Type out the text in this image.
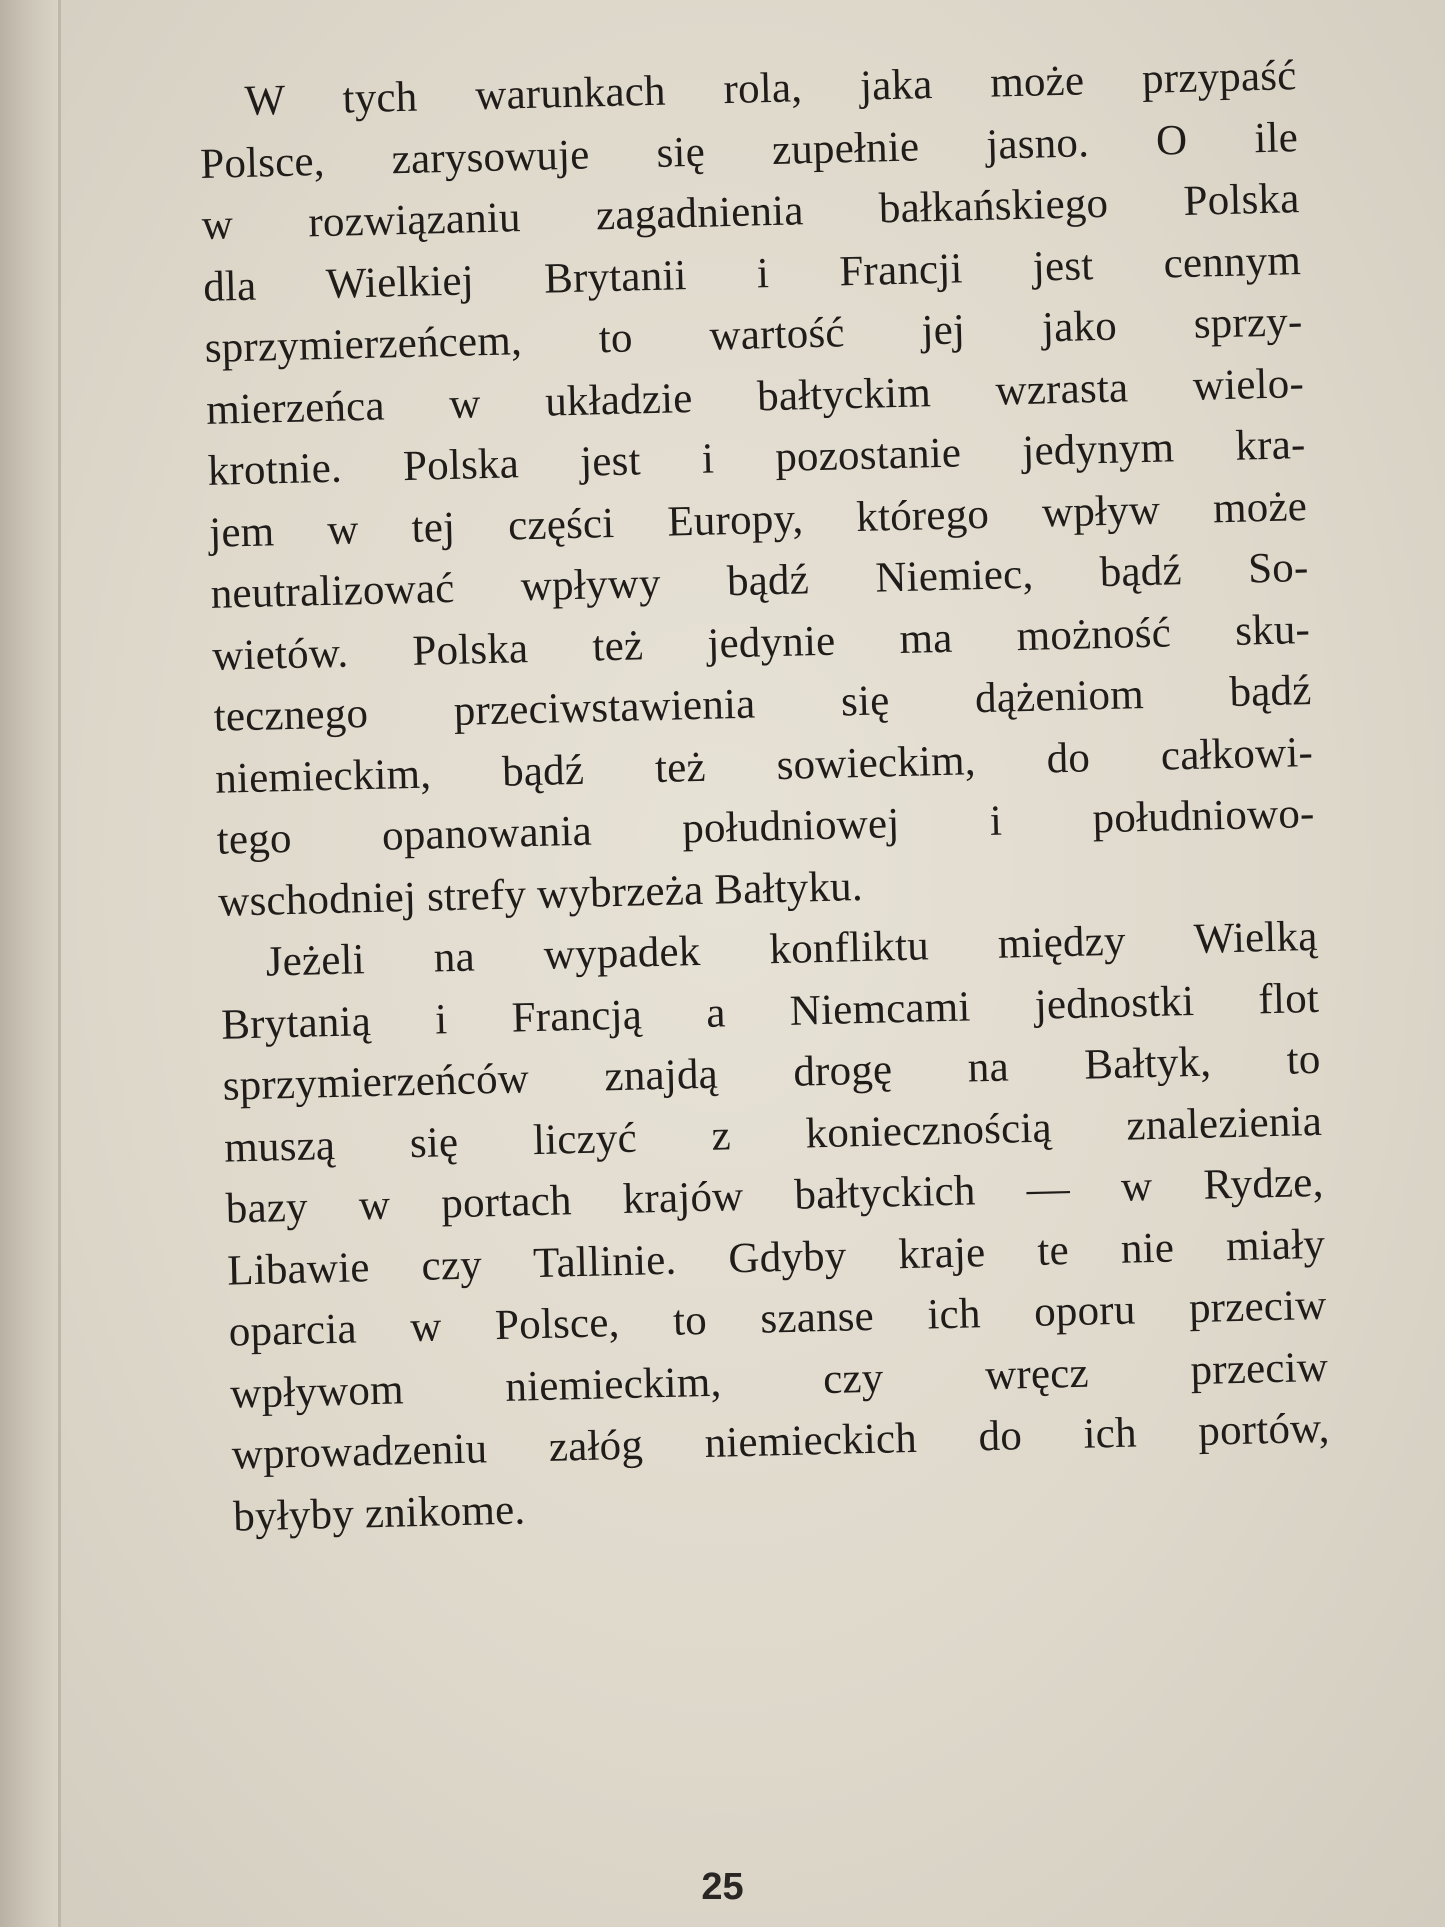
W tych warunkach rola, jaka może przypaść
Polsce, zarysowuje się zupełnie jasno. O ile
w rozwiązaniu zagadnienia bałkańskiego Polska
dla Wielkiej Brytanii i Francji jest cennym
sprzymierzeńcem, to wartość jej jako sprzy-
mierzeńca w układzie bałtyckim wzrasta wielo-
krotnie. Polska jest i pozostanie jedynym kra-
jem w tej części Europy, którego wpływ może
neutralizować wpływy bądź Niemiec, bądź So-
wietów. Polska też jedynie ma możność sku-
tecznego przeciwstawienia się dążeniom bądź
niemieckim, bądź też sowieckim, do całkowi-
tego opanowania południowej i południowo-
wschodniej strefy wybrzeża Bałtyku.

Jeżeli na wypadek konfliktu między Wielką
Brytanią i Francją a Niemcami jednostki flot
sprzymierzeńców znajdą drogę na Bałtyk, to
muszą się liczyć z koniecznością znalezienia
bazy w portach krajów bałtyckich — w Rydze,
Libawie czy Tallinie. Gdyby kraje te nie miały
oparcia w Polsce, to szanse ich oporu przeciw
wpływom niemieckim, czy wręcz przeciw
wprowadzeniu załóg niemieckich do ich portów,
byłyby znikome.

25
